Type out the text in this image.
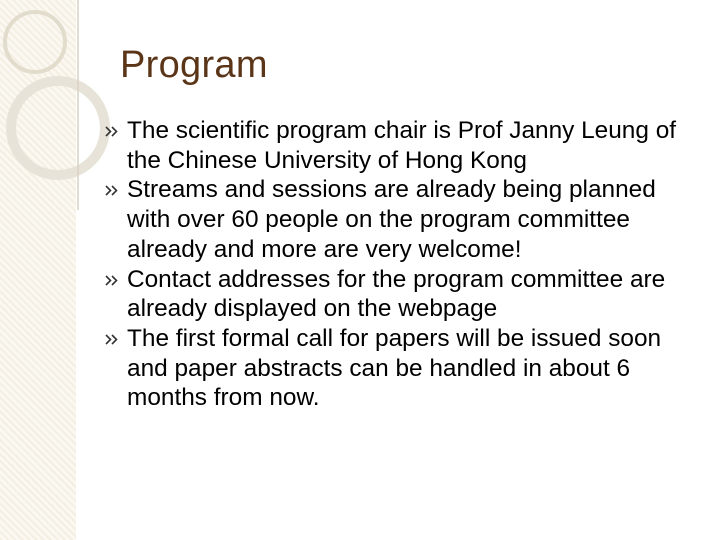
Program
The scientific program chair is Prof Janny Leung of the Chinese University of Hong Kong
Streams and sessions are already being planned with over 60 people on the program committee already and more are very welcome!
Contact addresses for the program committee are already displayed on the webpage
The first formal call for papers will be issued soon and paper abstracts can be handled in about 6 months from now.
